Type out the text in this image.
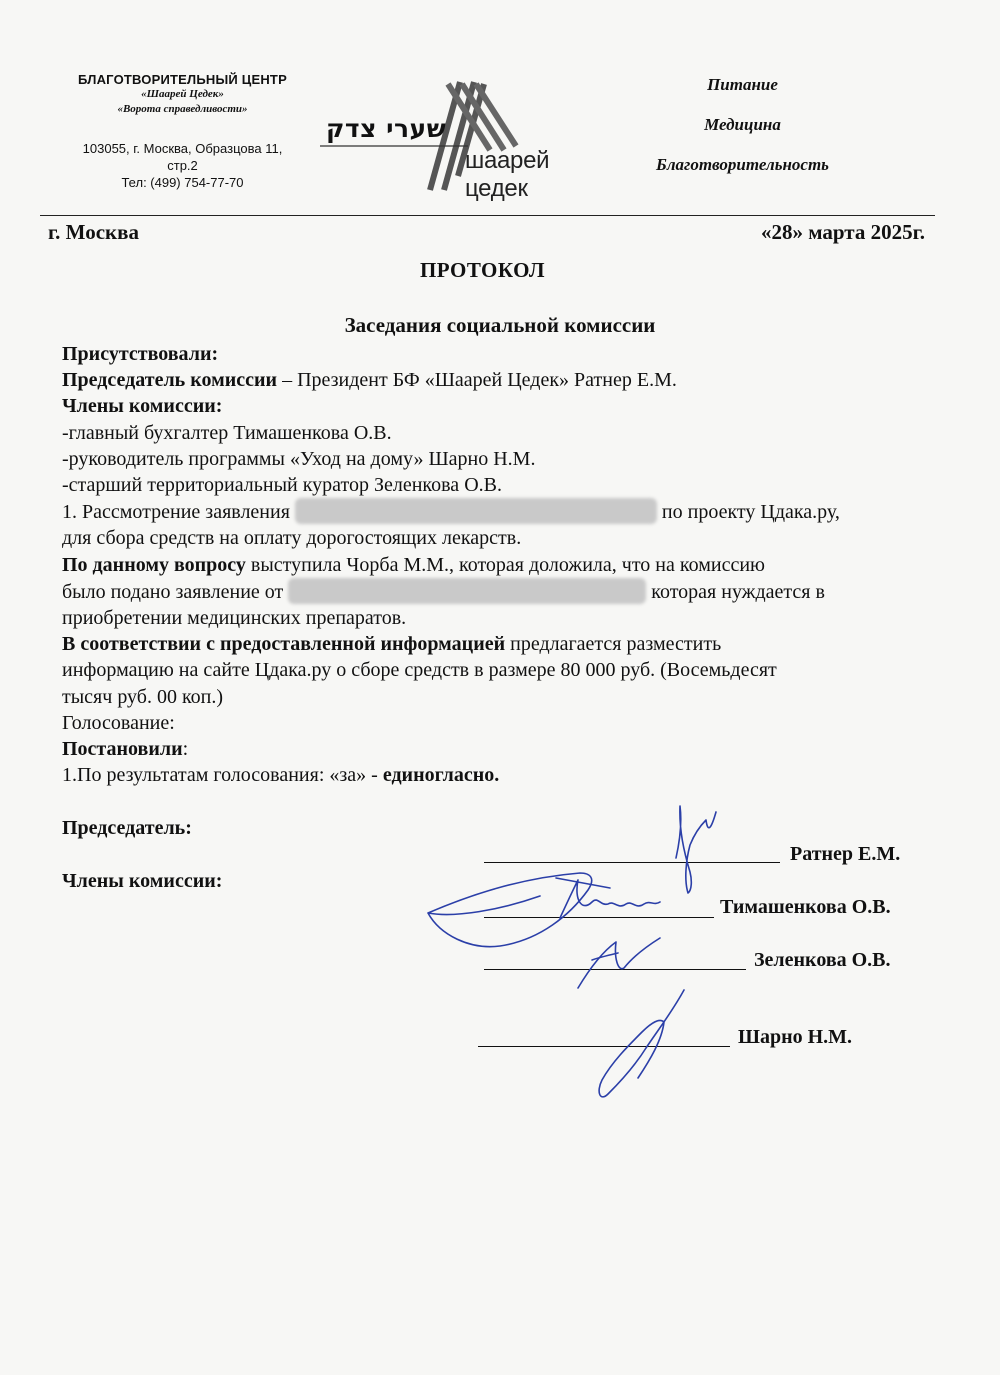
БЛАГОТВОРИТЕЛЬНЫЙ ЦЕНТР
«Шаарей Цедек»
«Ворота справедливости»
103055, г. Москва, Образцова 11,
стр.2
Тел: (499) 754-77-70
שערי צדק
шаарей цедек
Питание
Медицина
Благотворительность
г. Москва	«28» марта 2025г.
ПРОТОКОЛ
Заседания социальной комиссии

Присутствовали:

Председатель комиссии – Президент БФ «Шаарей Цедек» Ратнер Е.М.

Члены комиссии:

-главный бухгалтер Тимашенкова О.В.

-руководитель программы «Уход на дому» Шарно Н.М.

-старший территориальный куратор Зеленкова О.В.

1. Рассмотрение заявления	по проекту Цдака.ру,

для сбора средств на оплату дорогостоящих лекарств.

По данному вопросу выступила Чорба М.М., которая доложила, что на комиссию

было подано заявление от	которая нуждается в

приобретении медицинских препаратов.

В соответствии с предоставленной информацией предлагается разместить

информацию на сайте Цдака.ру о сборе средств в размере 80 000 руб. (Восемьдесят

тысяч руб. 00 коп.)

Голосование:

Постановили:

1.По результатам голосования: «за» - единогласно.

Председатель:
Члены комиссии:
Ратнер Е.М.
Тимашенкова О.В.
Зеленкова О.В.
Шарно Н.М.
